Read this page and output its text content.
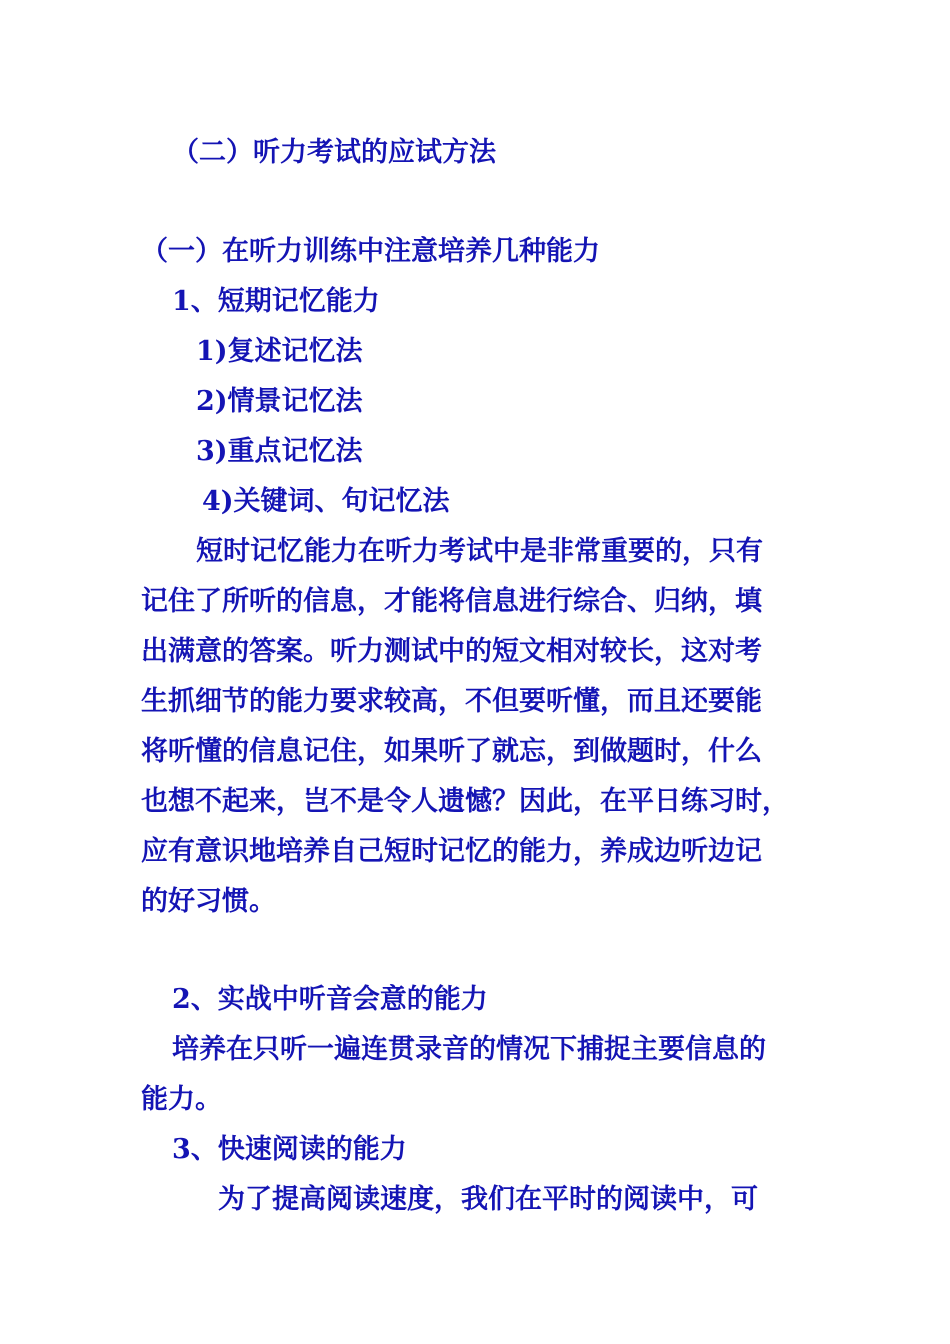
（二）听力考试的应试方法
（一）在听力训练中注意培养几种能力
1、短期记忆能力
1)复述记忆法
2)情景记忆法
3)重点记忆法
4)关键词、句记忆法
短时记忆能力在听力考试中是非常重要的，只有
记住了所听的信息，才能将信息进行综合、归纳，填
出满意的答案。听力测试中的短文相对较长，这对考
生抓细节的能力要求较高，不但要听懂，而且还要能
将听懂的信息记住，如果听了就忘，到做题时，什么
也想不起来，岂不是令人遗憾？因此，在平日练习时，
应有意识地培养自己短时记忆的能力，养成边听边记
的好习惯。
2、实战中听音会意的能力
培养在只听一遍连贯录音的情况下捕捉主要信息的
能力。
3、快速阅读的能力
为了提高阅读速度，我们在平时的阅读中，可
